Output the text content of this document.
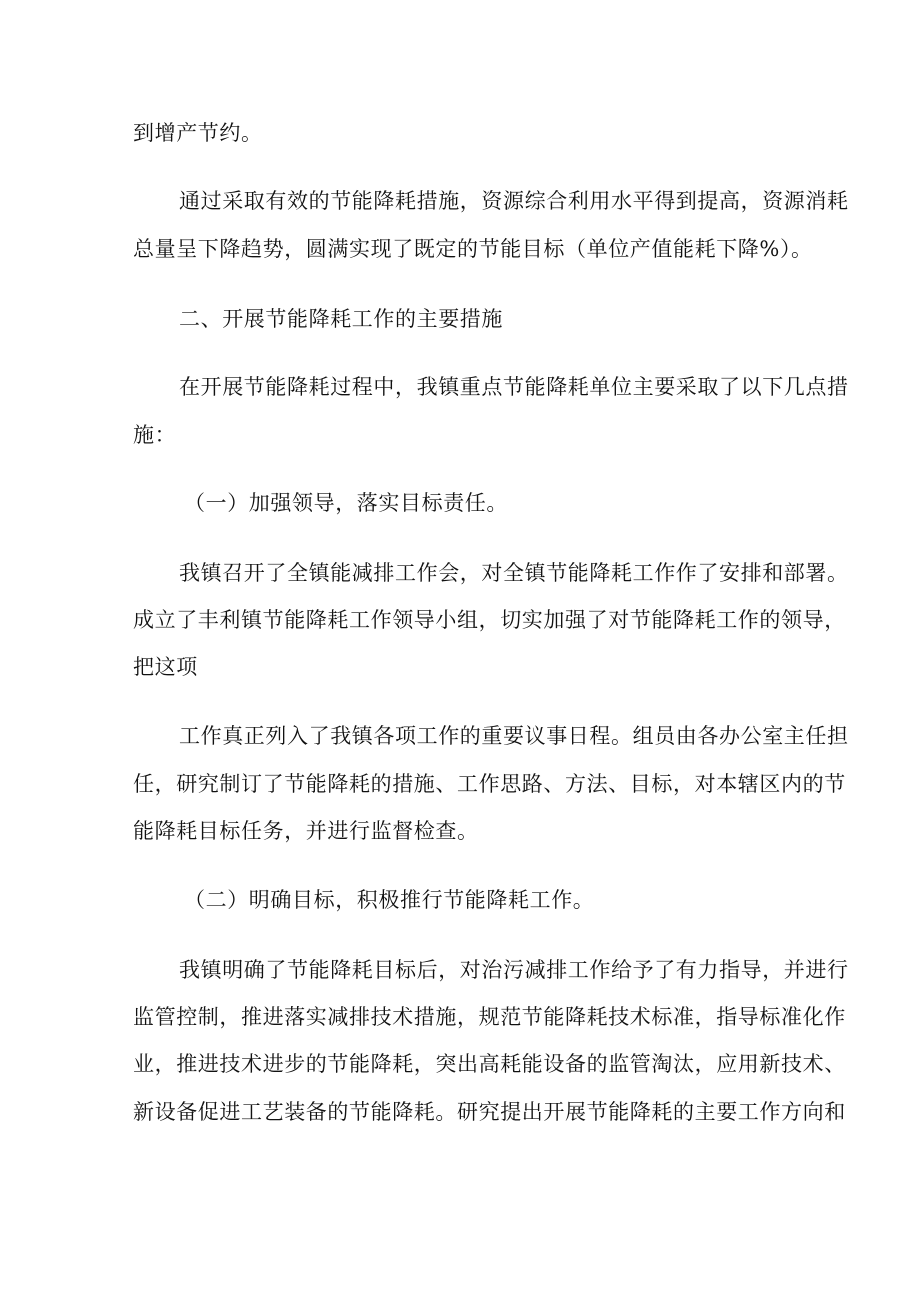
到增产节约。
通过采取有效的节能降耗措施，资源综合利用水平得到提高，资源消耗
总量呈下降趋势，圆满实现了既定的节能目标（单位产值能耗下降%）。
二、开展节能降耗工作的主要措施
在开展节能降耗过程中，我镇重点节能降耗单位主要采取了以下几点措
施：
（一）加强领导，落实目标责任。
我镇召开了全镇能减排工作会，对全镇节能降耗工作作了安排和部署。
成立了丰利镇节能降耗工作领导小组，切实加强了对节能降耗工作的领导，
把这项
工作真正列入了我镇各项工作的重要议事日程。组员由各办公室主任担
任，研究制订了节能降耗的措施、工作思路、方法、目标，对本辖区内的节
能降耗目标任务，并进行监督检查。
（二）明确目标，积极推行节能降耗工作。
我镇明确了节能降耗目标后，对治污减排工作给予了有力指导，并进行
监管控制，推进落实减排技术措施，规范节能降耗技术标准，指导标准化作
业，推进技术进步的节能降耗，突出高耗能设备的监管淘汰，应用新技术、
新设备促进工艺装备的节能降耗。研究提出开展节能降耗的主要工作方向和
